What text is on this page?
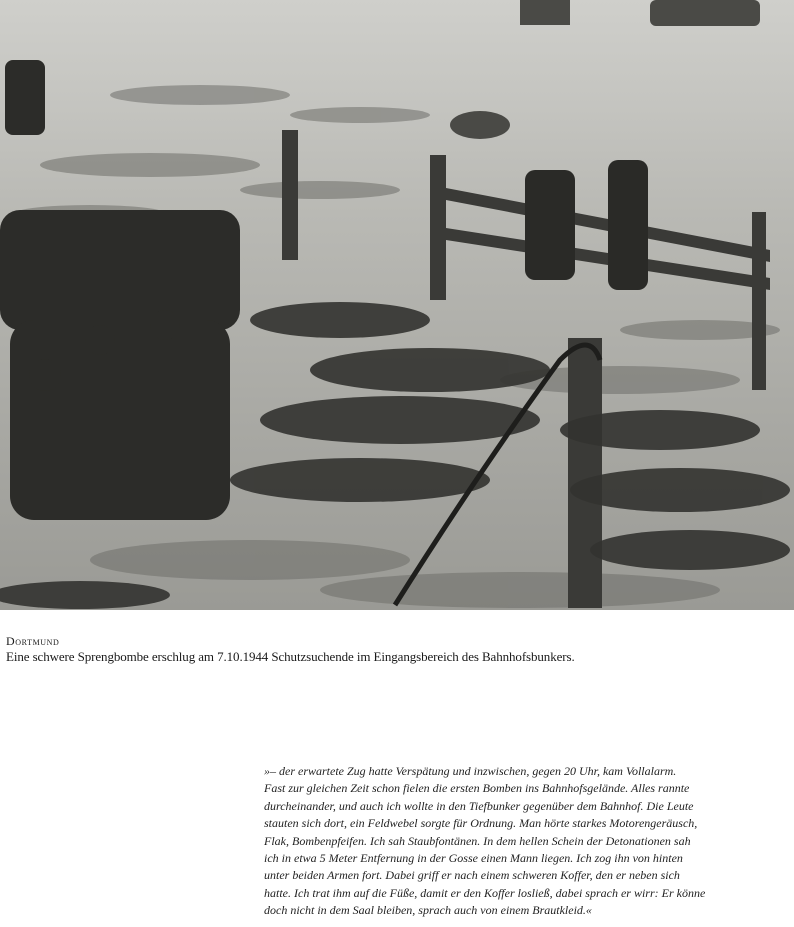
Dortmund
Eine schwere Sprengbombe erschlug am 7.10.1944 Schutzsuchende im Eingangsbereich des Bahnhofsbunkers.
»– der erwartete Zug hatte Verspätung und inzwischen, gegen 20 Uhr, kam Vollalarm.
Fast zur gleichen Zeit schon fielen die ersten Bomben ins Bahnhofsgelände. Alles rannte
durcheinander, und auch ich wollte in den Tiefbunker gegenüber dem Bahnhof. Die Leute
stauten sich dort, ein Feldwebel sorgte für Ordnung. Man hörte starkes Motorengeräusch,
Flak, Bombenpfeifen. Ich sah Staubfontänen. In dem hellen Schein der Detonationen sah
ich in etwa 5 Meter Entfernung in der Gosse einen Mann liegen. Ich zog ihn von hinten
unter beiden Armen fort. Dabei griff er nach einem schweren Koffer, den er neben sich
hatte. Ich trat ihm auf die Füße, damit er den Koffer losließ, dabei sprach er wirr: Er könne
doch nicht in dem Saal bleiben, sprach auch von einem Brautkleid.«
